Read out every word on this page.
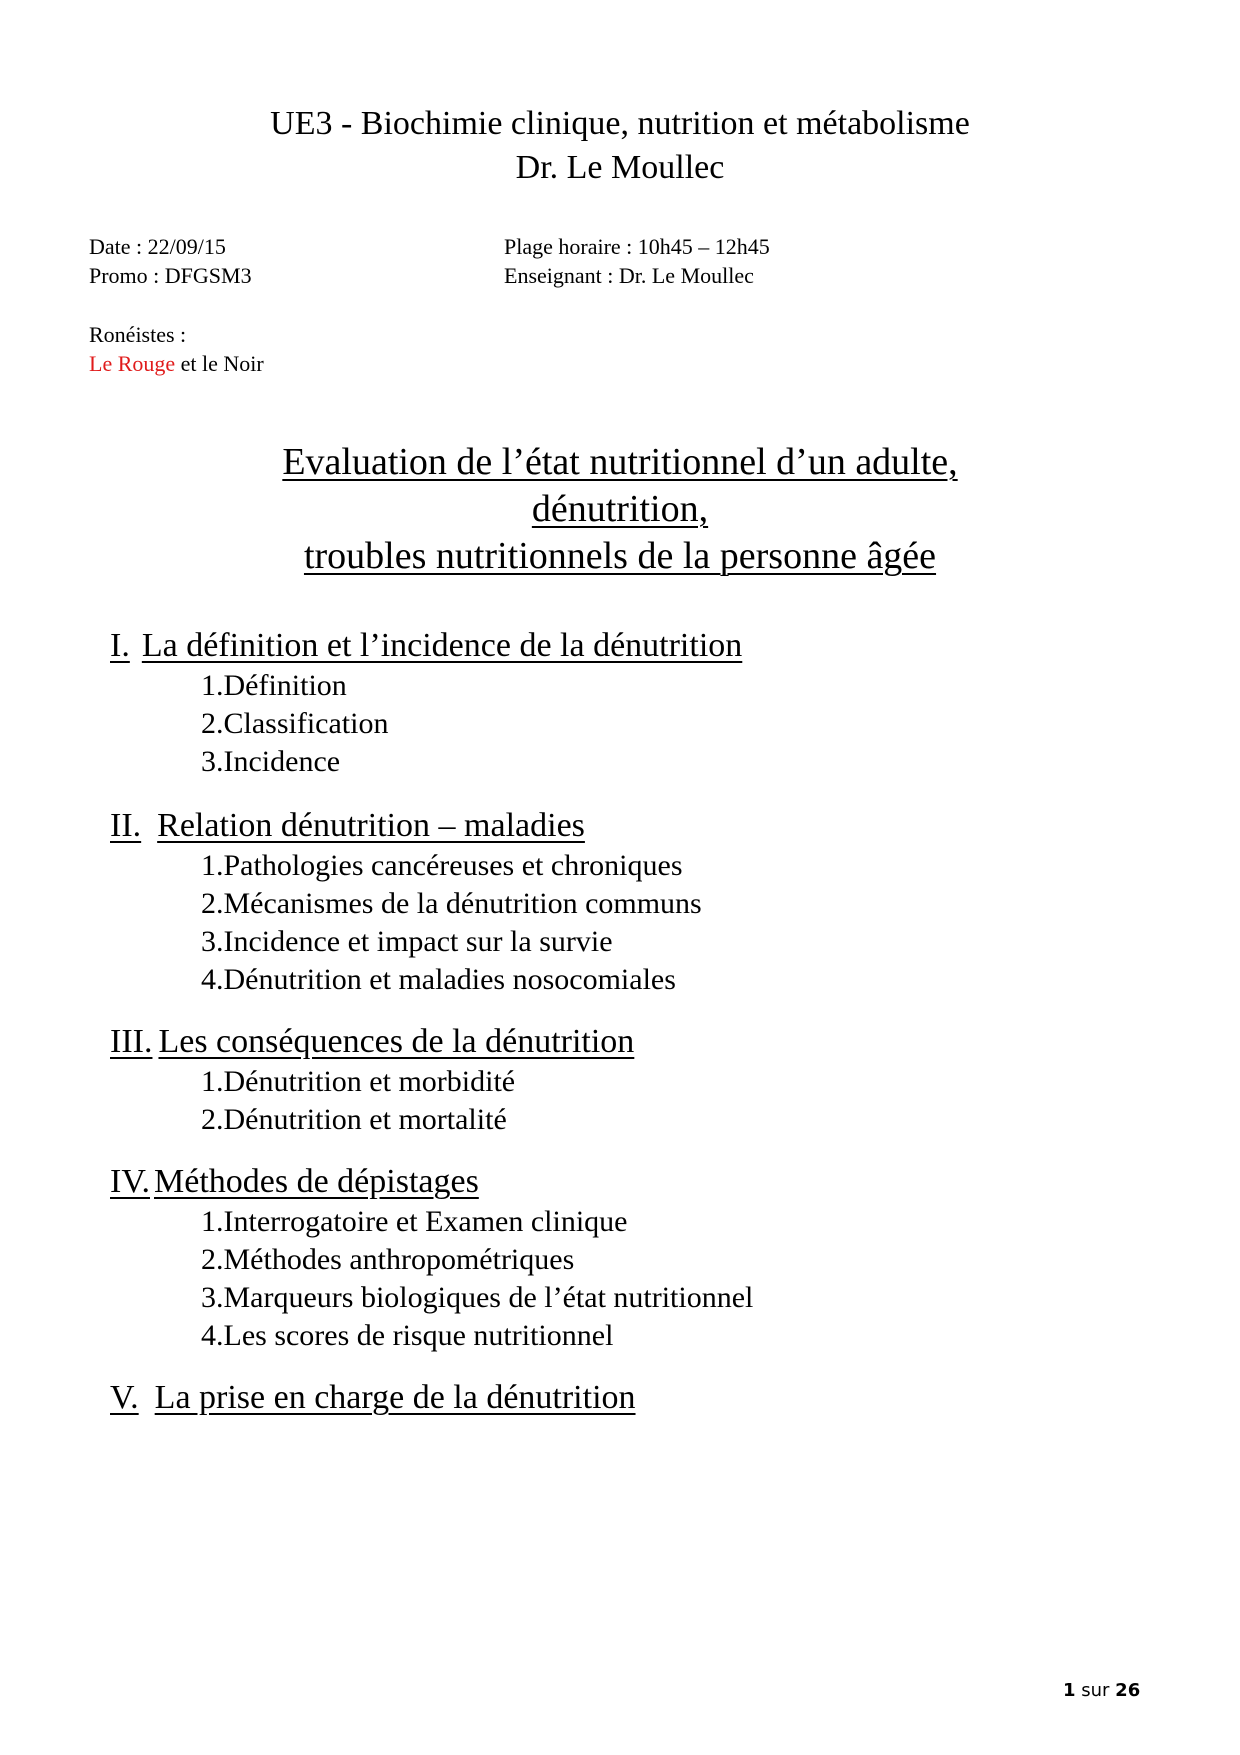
UE3 - Biochimie clinique, nutrition et métabolisme
Dr. Le Moullec
Date : 22/09/15
Promo : DFGSM3
Plage horaire : 10h45 – 12h45
Enseignant : Dr. Le Moullec
Ronéistes :
Le Rouge et le Noir
Evaluation de l’état nutritionnel d’un adulte,
dénutrition,
troubles nutritionnels de la personne âgée
I. La définition et l’incidence de la dénutrition
1.Définition
2.Classification
3.Incidence
II. Relation dénutrition – maladies
1.Pathologies cancéreuses et chroniques
2.Mécanismes de la dénutrition communs
3.Incidence et impact sur la survie
4.Dénutrition et maladies nosocomiales
III. Les conséquences de la dénutrition
1.Dénutrition et morbidité
2.Dénutrition et mortalité
IV. Méthodes de dépistages
1.Interrogatoire et Examen clinique
2.Méthodes anthropométriques
3.Marqueurs biologiques de l’état nutritionnel
4.Les scores de risque nutritionnel
V. La prise en charge de la dénutrition
1 sur 26
